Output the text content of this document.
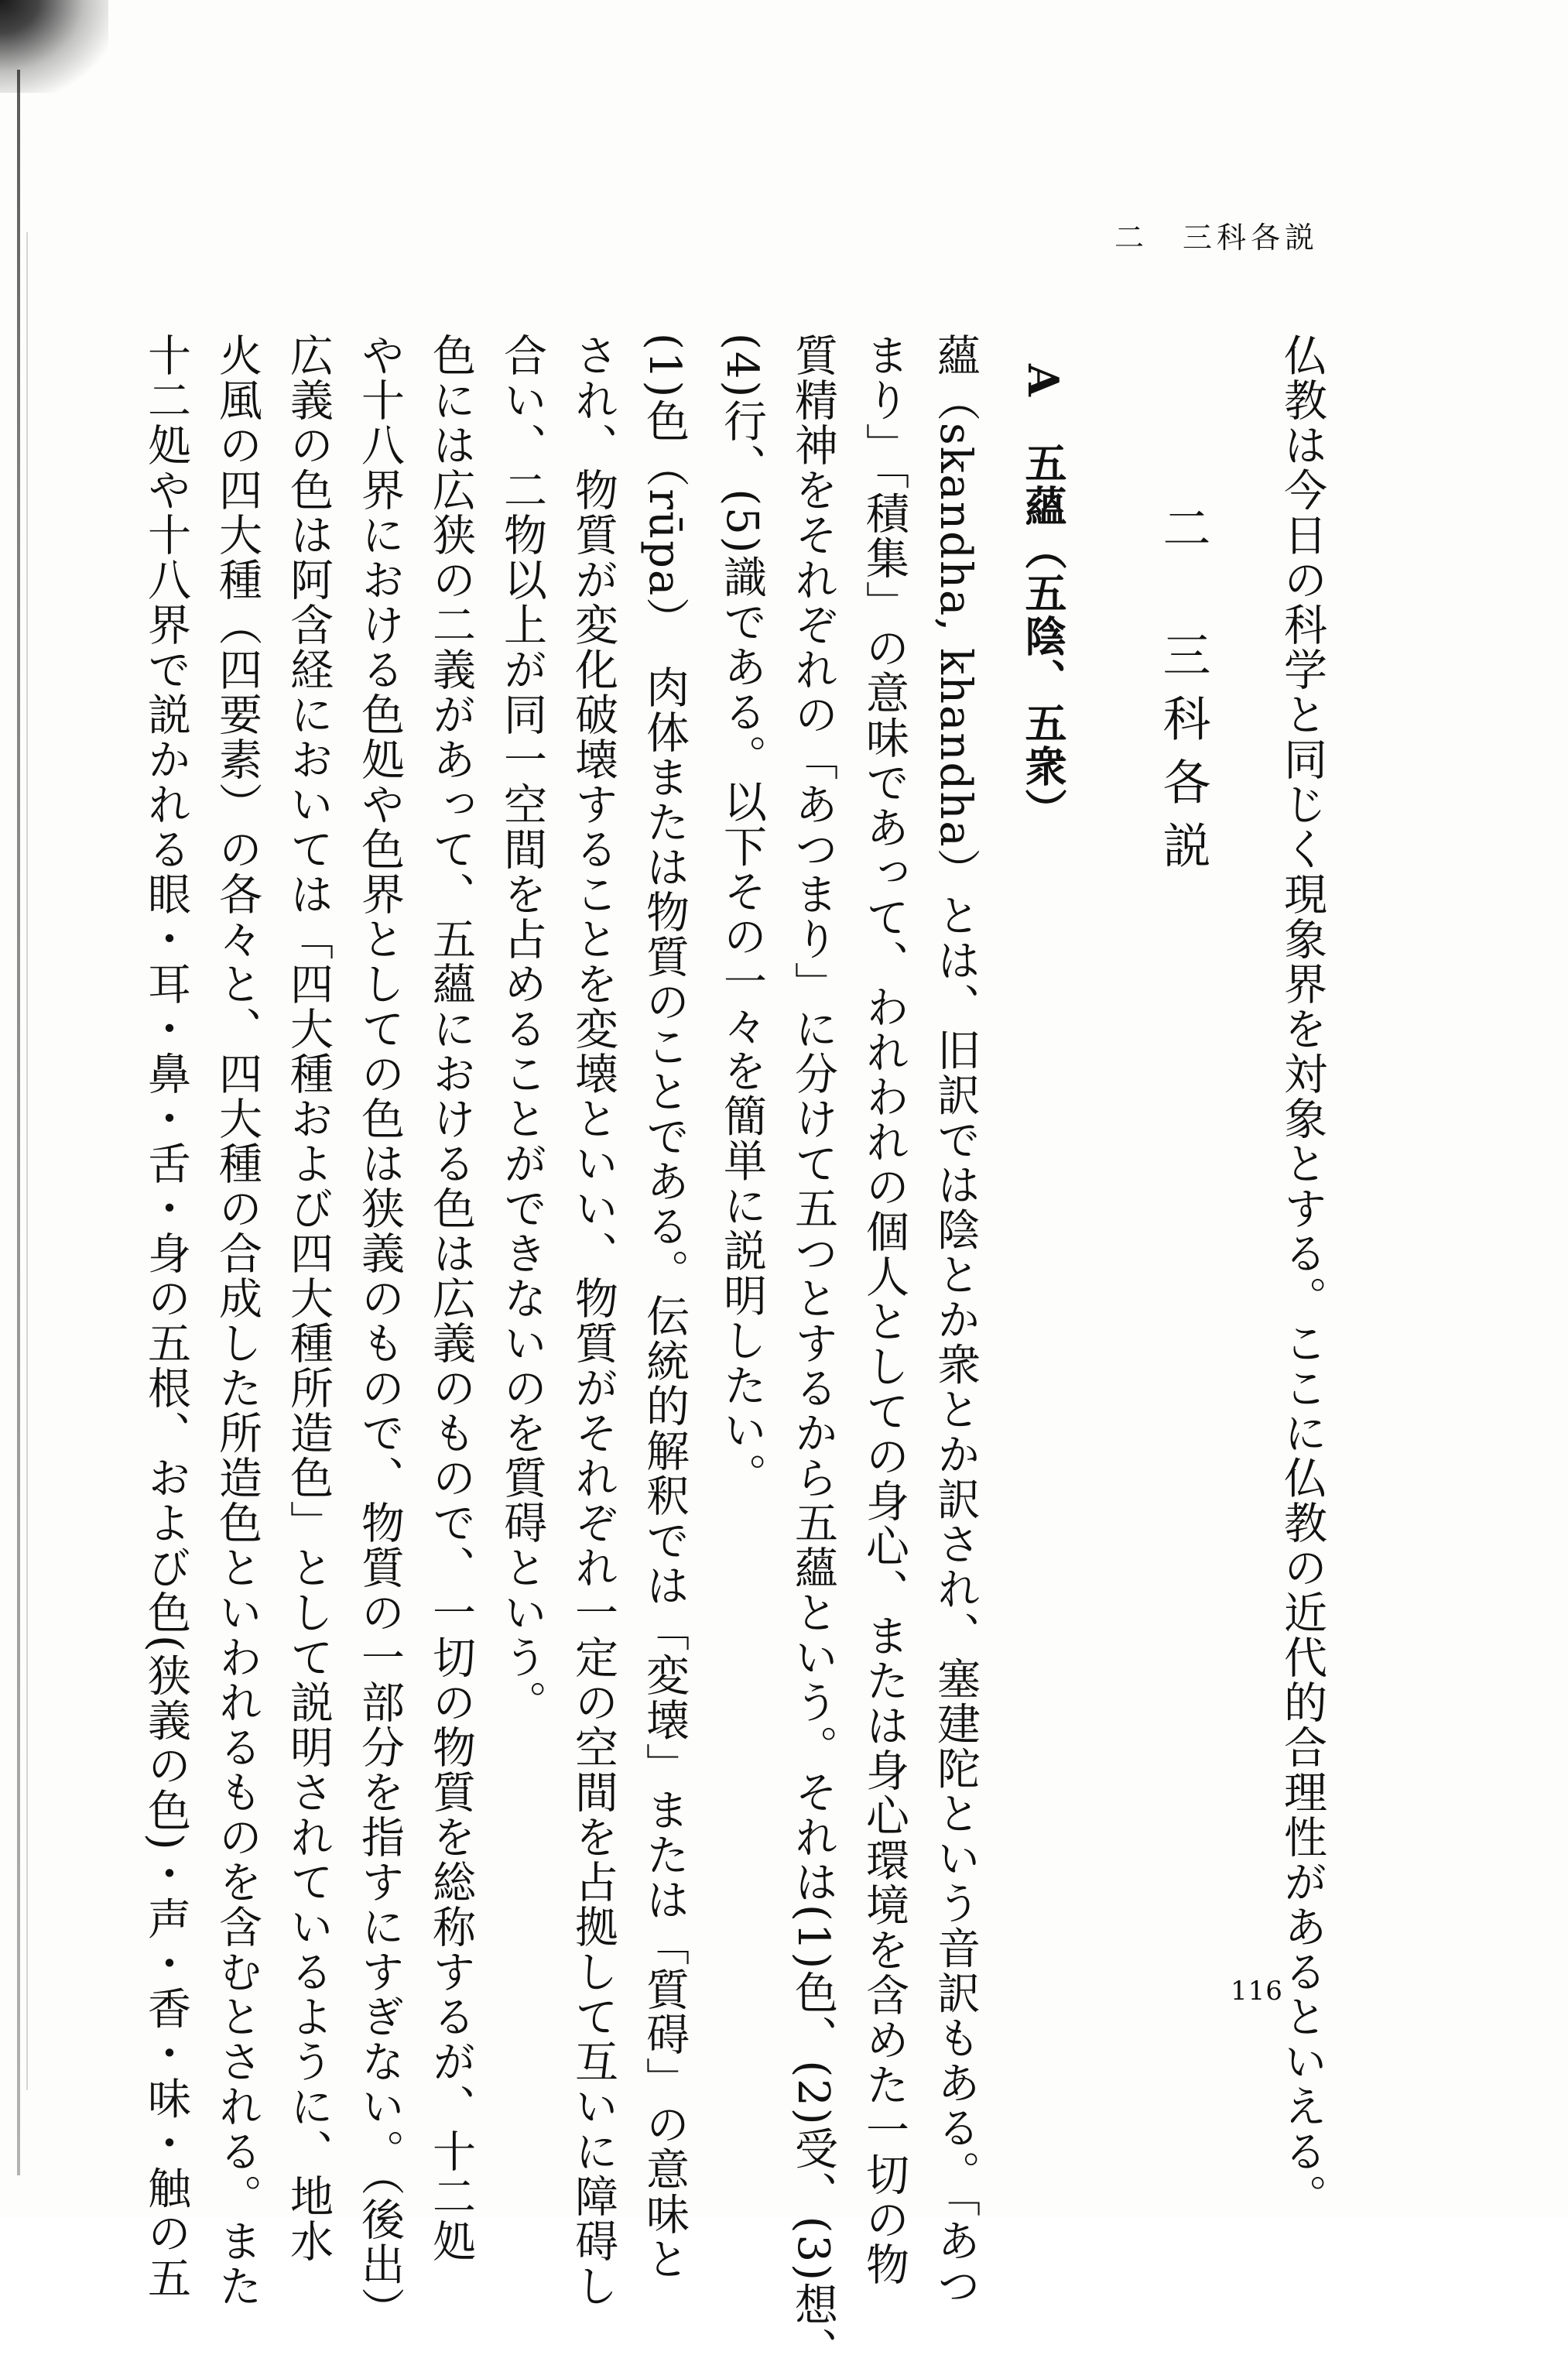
二　三科各説
仏教は今日の科学と同じく現象界を対象とする。ここに仏教の近代的合理性があるといえる。
二　三科各説
A　五蘊（五陰、五衆）
蘊（skandha, khandha）とは、旧訳では陰とか衆とか訳され、塞建陀という音訳もある。「あつ
まり」「積集」の意味であって、われわれの個人としての身心、または身心環境を含めた一切の物
質精神をそれぞれの「あつまり」に分けて五つとするから五蘊という。それは(1)色、(2)受、(3)想、
(4)行、(5)識である。以下その一々を簡単に説明したい。
(1)色（rūpa）　肉体または物質のことである。伝統的解釈では「変壊」または「質碍」の意味と
され、物質が変化破壊することを変壊といい、物質がそれぞれ一定の空間を占拠して互いに障碍し
合い、二物以上が同一空間を占めることができないのを質碍という。
色には広狭の二義があって、五蘊における色は広義のもので、一切の物質を総称するが、十二処
や十八界における色処や色界としての色は狭義のもので、物質の一部分を指すにすぎない。（後出）
広義の色は阿含経においては「四大種および四大種所造色」として説明されているように、地水
火風の四大種（四要素）の各々と、四大種の合成した所造色といわれるものを含むとされる。また
十二処や十八界で説かれる眼・耳・鼻・舌・身の五根、および色(狭義の色)・声・香・味・触の五	116
